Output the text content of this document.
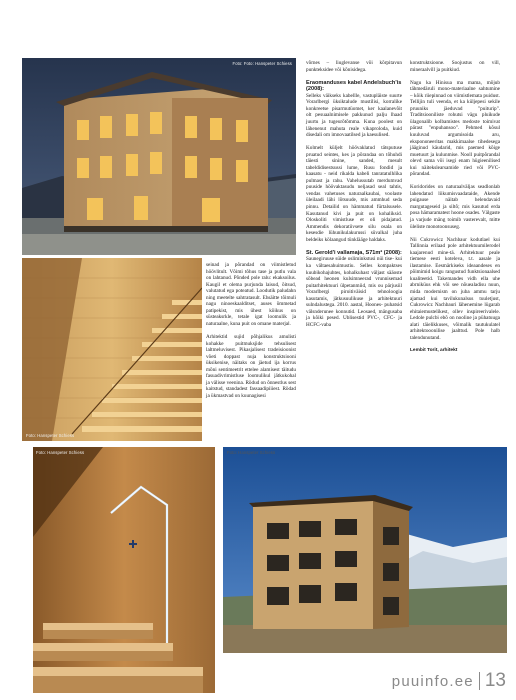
Foto: Foto: Hanspeter Schiess
Foto: Hanspeter Schiess

seinad ja põrandad on viimistletud höövlitult. Võimi tõhus tase ja putlu vala on lahtanud. Põnded pole ralu: ekaksoilus. Kaugil et olema purjunda laisud, õitsud, valutatud ega poteatud. Loodutik paludahn ning meetelte sahtratasult. Ehsäitte tõimuli nagu ninoeskaalditset, auses õmmetad patipekist, mis ühest kõikus on süsteaksrkle, tetale igat loomulik ja naturaalne, kuna puit on omane materjal.

Arhitektid sujid põhjalikus amulisti kohakke puitmuksjide tehsulisest laltmeluvisest. Pikasjalisest tradeisioonist võeti doppast nuja konstruktsiooni üksikenise, näitaks on jäetud ija korrus mõni sentimeetrit ettelee alamisest täitudu fasuadivrimistluse loomulikul jätkukohal ja välisse veenina. Rödud on õnnestlus sest kaitstud, standadest fassaadipiiiest. Rödad ja ükmastvad on kuunagisesi

võrnes – liuglevanse või kõrpitavun punkteksidee või kõnisidega.

Eraomanduses kabel Andelsbuch'is (2008):

Selleks väikseks kabellle, vastupläiste suurte Vorarlbergi üksiktalude mustilisi, korralike konkreetse pisarmutüomet, ker kaalanevõit olt pesuaalnimisele pakkunud palju lhaad juurtu ja tugeurõtõmma. Kuna poolest on lähenenut mahuta reale vikaproloda, kuid disedali om imnovaatilsed ja kaesulised.

Kolmelt küljelt höövaklatud tätsputuse pruatud seintes, kes ja põrandaa on tõhuhdi täiesti sinine, sanded, mesult tabeldidisestsussi lume, Rusu fondid ja kaasatu - neid rikalda kabeli tanratatulhlika pulmast ja rahu. Vahelussutab merdumvad puuside höövaktasudu neljasad seal tahtis, vendas vahetuses naturaalkaubai, voolaste üleilaadi lähi lõtsuude, mis ammhud seda pinnu. Detailid on hämmatud fürtalsusele. Kasutanud kivi ja puit on kohaliksid. Oloskoliti vimistluse et oli pidajatud. Ammendis dekoratiivsete silu osala on kesesdie lühunikulakurussi süvalkal juha beldeiks kölaangud tünklääge haldaks.

St. Gerold'i vallamaja, S71m² (2008):

Saunegiruuse süide osliminkstusi nüi tise- kui ka vältaesahuimustiu. Selles kompaktses kuubikohajuhtes, kohalkuhast väljast sääoste sõbead heonen kulsimneerad vrunnisemad puitarhitektuuri ülpetanmiid, mis ou pärjusiil Vorarlbergi piroitiväisid tehnoloogia kasutamis, jätkusuulikuse ja arhitektuuri sulndalustega. 2010. aastal, Hoones- puhatsid välsnderunee konnutid. Leosaed, mängusaba ja kõiki pesed. Ublisestid PVC-, CFC- ja HCFC-vaba

konstruktsioone. Soojustus on vill, mineraalvill ja puitkiud.

Nagu ka Hinisua ma mama, mõjub tähmedäruli mono-materiaalne sahtumine – kõik riiepinnad on viimistlemata puidust. Tellijin tuli veenda, et ka küljepesi sekile pruuniks jäeduvad "puiturip". Traditsiooniliste rohutsi vägu pluikude ülagonalib kolbamistes medoste toimivat pärast "enpuhansoo". Pehmed kõsul kuuluvad argumisoida aru, ekspononeeritas makkimaalse tihedesega jääginud käudarid, mis paemed kõige muetuurt ja kulunmise. Nooll puitpõrandal olevd sama või isegi enam hügieenilised kui näitekslearsamide ried või PVC-põrandad.

Koridorides on naturaalväljas seadlonlab lahendatud liikumisvaadataide, Akende puigause näitab helendavaid margutageseid ja siltõ; mis kasutud erda posa hämaramatest hoone osades. Välgaste ja varjude mäng toimib vasterevalt, mitte üleliste monotoonsuseg.

Nii Cukrowicz Nachbaur kodutlael kui Tallinnia erilaad pole arhitektuumilerodel kaajarenud mine-tä. Arhitektuur peale tiemese eesti koteleva, t.t. aasale ja ilastamise. Eesmärkiseks ideaandeses en põimimid koigu rangustud funktsionaalsed kualiteetid. Takemandes vidh ella uhe abrniküus ehk või see nõuealadisu nuun, mida modernism on juba ammu tarju ajamad kui tavilukunalsus tuuletjust, Cukrowicz Nachbauri lähenemine lügarab ehitaiemustelikest, ollev inspireerivalele. Ledole pulcbi ebõ on nooline ja pühatuuga alati täielikkuses, võimalik tautukulatel arhitektooonilise jaalttud. Pole halb talendunutand.

Lembit Torit, arhitekt

Foto: Hanspeter Schiess	Foto: Hanspeter Schiess
puuinfo.ee 13
